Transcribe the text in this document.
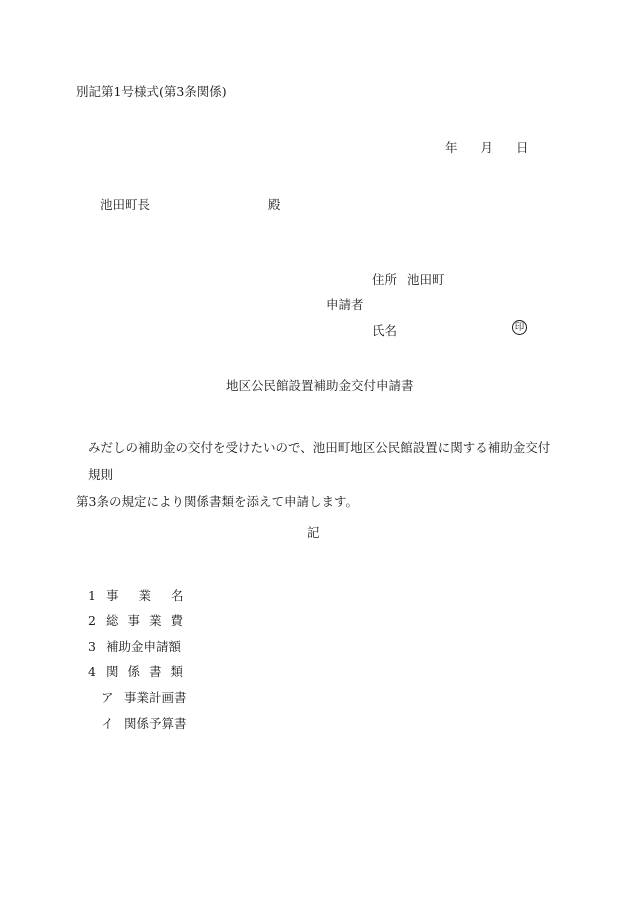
別記第1号様式(第3条関係)
年 月 日
池田町長	殿
住所 池田町
申請者
氏名	印
地区公民館設置補助金交付申請書
みだしの補助金の交付を受けたいので、池田町地区公民館設置に関する補助金交付規則
第3条の規定により関係書類を添えて申請します。
記
1 事業名
2 総事業費
3 補助金申請額
4 関係書類
ア 事業計画書
イ 関係予算書
